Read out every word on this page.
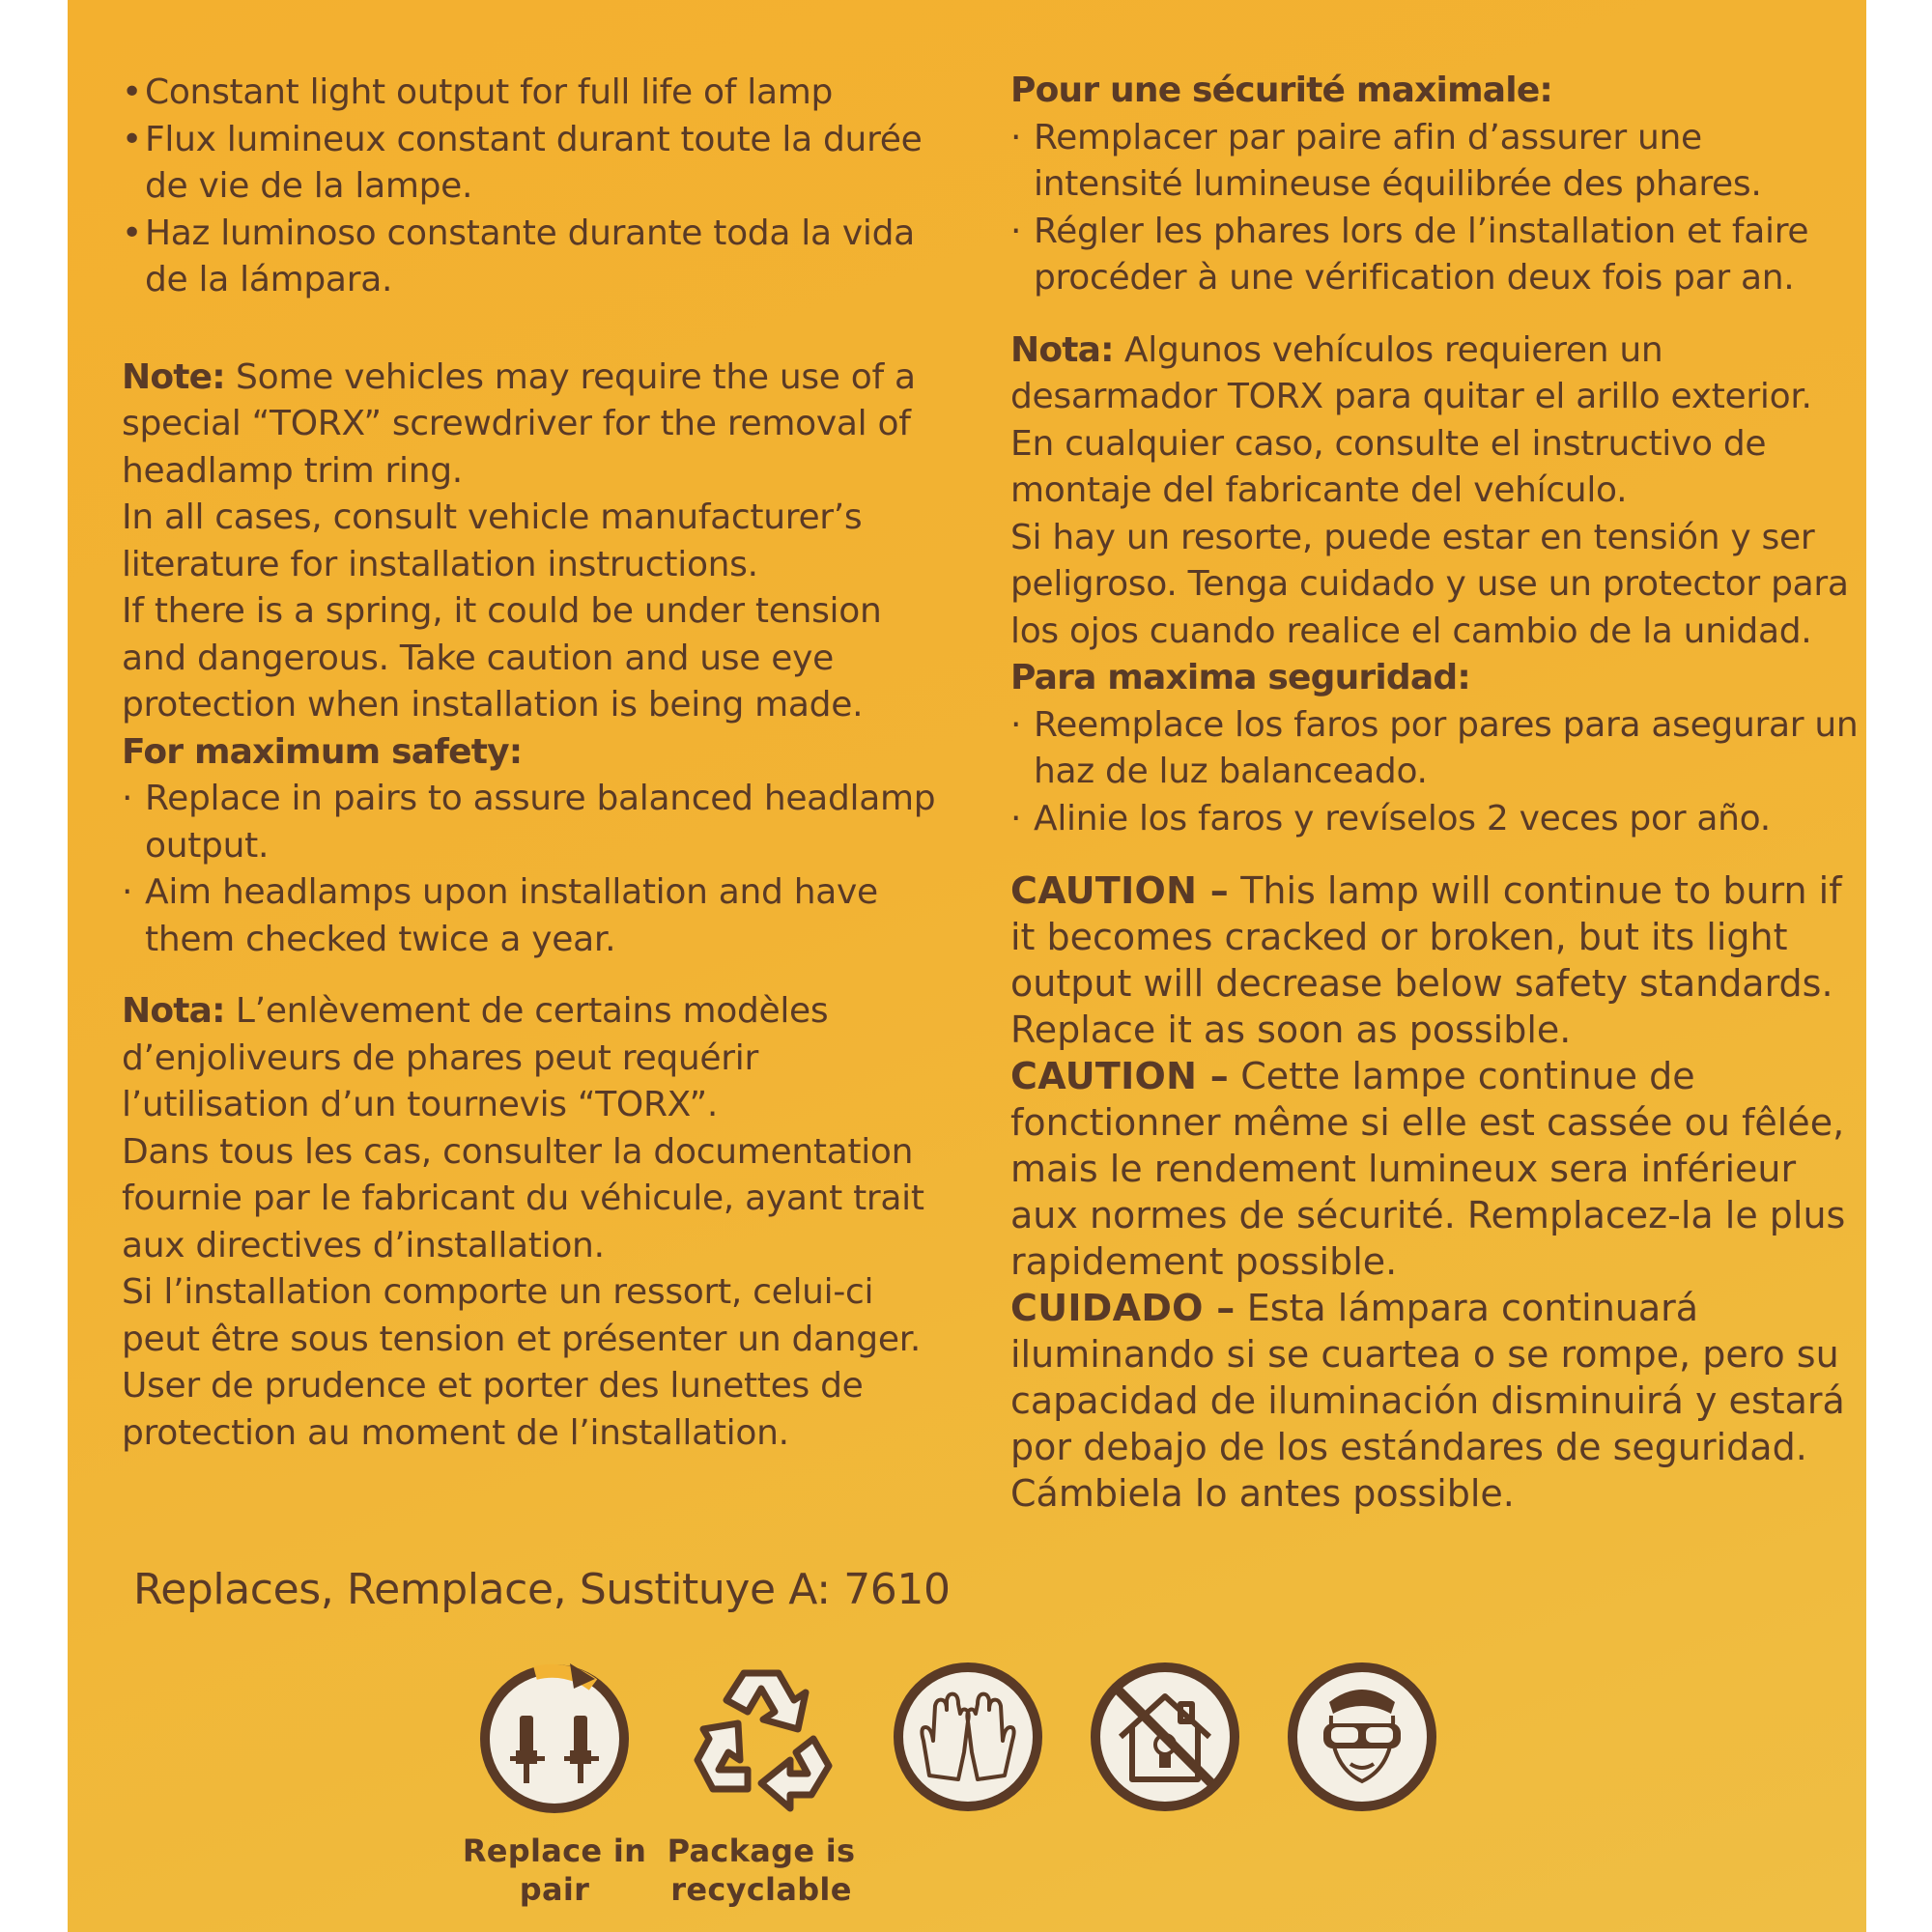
•Constant light output for full life of lamp

•Flux lumineux constant durant toute la durée de vie de la lampe.

•Haz luminoso constante durante toda la vida de la lámpara.

Note: Some vehicles may require the use of a special “TORX” screwdriver for the removal of headlamp trim ring.

In all cases, consult vehicle manufacturer’s literature for installation instructions.

If there is a spring, it could be under tension and dangerous. Take caution and use eye protection when installation is being made.

For maximum safety:

· Replace in pairs to assure balanced headlamp output.

· Aim headlamps upon installation and have them checked twice a year.

Nota: L’enlèvement de certains modèles d’enjoliveurs de phares peut requérir l’utilisation d’un tournevis “TORX”.

Dans tous les cas, consulter la documentation fournie par le fabricant du véhicule, ayant trait aux directives d’installation.

Si l’installation comporte un ressort, celui-ci peut être sous tension et présenter un danger. User de prudence et porter des lunettes de protection au moment de l’installation.

Pour une sécurité maximale:

· Remplacer par paire afin d’assurer une intensité lumineuse équilibrée des phares.

· Régler les phares lors de l’installation et faire procéder à une vérification deux fois par an.

Nota: Algunos vehículos requieren un desarmador TORX para quitar el arillo exterior.

En cualquier caso, consulte el instructivo de montaje del fabricante del vehículo.

Si hay un resorte, puede estar en tensión y ser peligroso. Tenga cuidado y use un protector para los ojos cuando realice el cambio de la unidad.

Para maxima seguridad:

· Reemplace los faros por pares para asegurar un haz de luz balanceado.

· Alinie los faros y revíselos 2 veces por año.

CAUTION – This lamp will continue to burn if it becomes cracked or broken, but its light output will decrease below safety standards. Replace it as soon as possible.

CAUTION – Cette lampe continue de fonctionner même si elle est cassée ou fêlée, mais le rendement lumineux sera inférieur aux normes de sécurité. Remplacez-la le plus rapidement possible.

CUIDADO – Esta lámpara continuará iluminando si se cuartea o se rompe, pero su capacidad de iluminación disminuirá y estará por debajo de los estándares de seguridad. Cámbiela lo antes possible.

Replaces, Remplace, Sustituye A: 7610
Replace in pair
Package is recyclable
